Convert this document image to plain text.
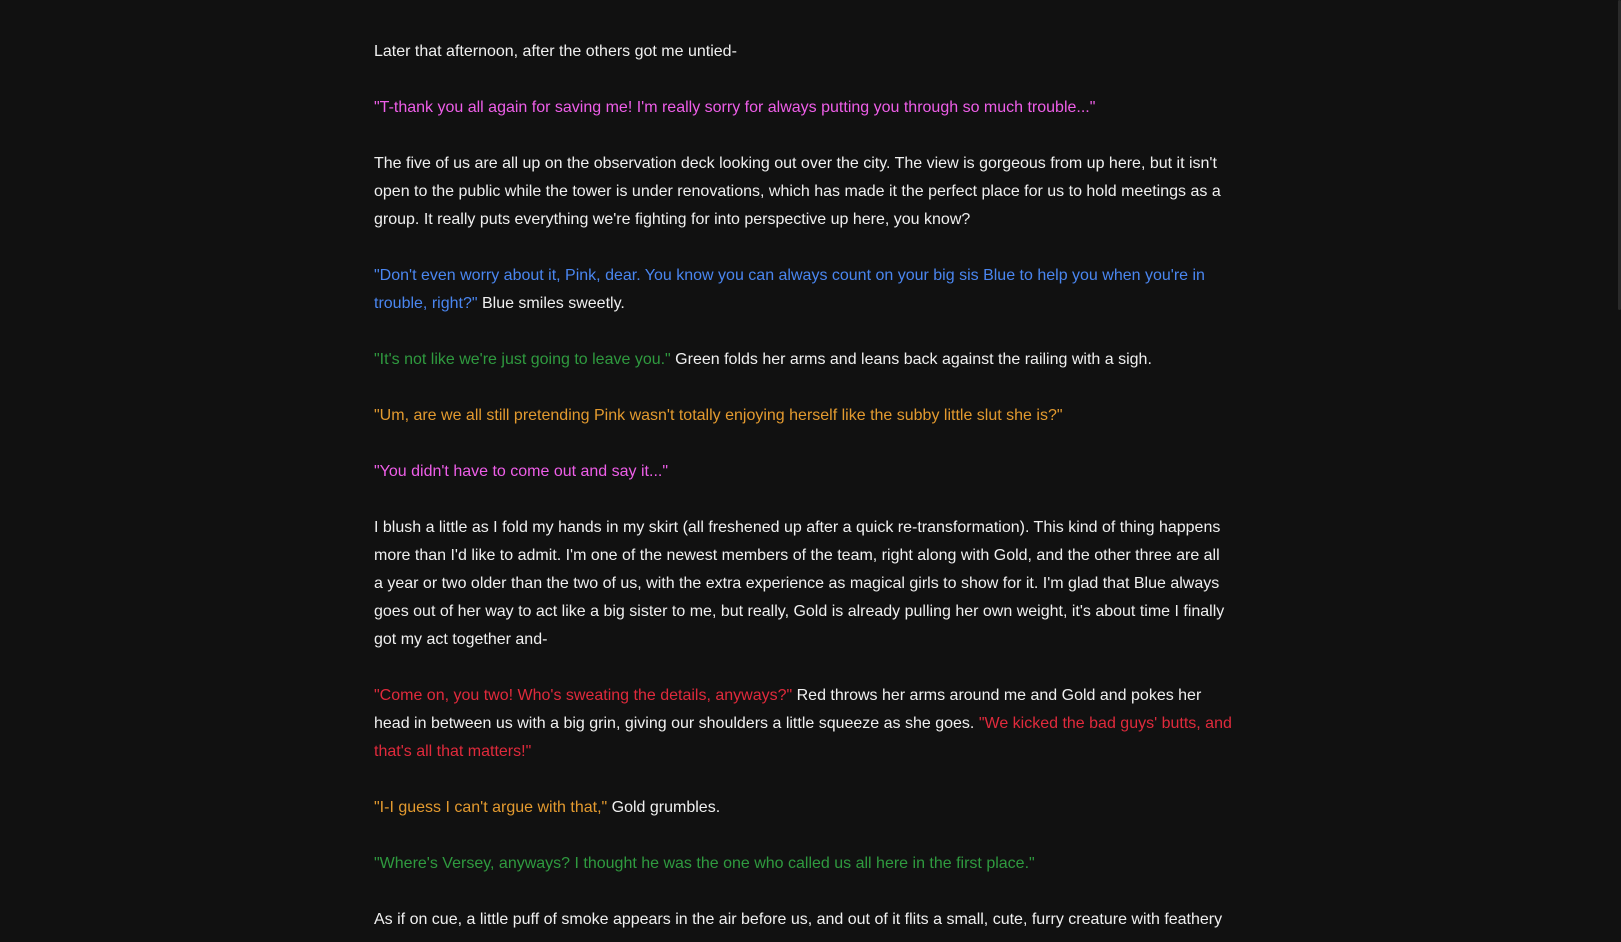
Later that afternoon, after the others got me untied-

"T-thank you all again for saving me! I'm really sorry for always putting you through so much trouble..."

The five of us are all up on the observation deck looking out over the city. The view is gorgeous from up here, but it isn't open to the public while the tower is under renovations, which has made it the perfect place for us to hold meetings as a group. It really puts everything we're fighting for into perspective up here, you know?

"Don't even worry about it, Pink, dear. You know you can always count on your big sis Blue to help you when you're in trouble, right?" Blue smiles sweetly.

"It's not like we're just going to leave you." Green folds her arms and leans back against the railing with a sigh.

"Um, are we all still pretending Pink wasn't totally enjoying herself like the subby little slut she is?"

"You didn't have to come out and say it..."

I blush a little as I fold my hands in my skirt (all freshened up after a quick re-transformation). This kind of thing happens more than I'd like to admit. I'm one of the newest members of the team, right along with Gold, and the other three are all a year or two older than the two of us, with the extra experience as magical girls to show for it. I'm glad that Blue always goes out of her way to act like a big sister to me, but really, Gold is already pulling her own weight, it's about time I finally got my act together and-

"Come on, you two! Who's sweating the details, anyways?" Red throws her arms around me and Gold and pokes her head in between us with a big grin, giving our shoulders a little squeeze as she goes. "We kicked the bad guys' butts, and that's all that matters!"

"I-I guess I can't argue with that," Gold grumbles.

"Where's Versey, anyways? I thought he was the one who called us all here in the first place."

As if on cue, a little puff of smoke appears in the air before us, and out of it flits a small, cute, furry creature with feathery
